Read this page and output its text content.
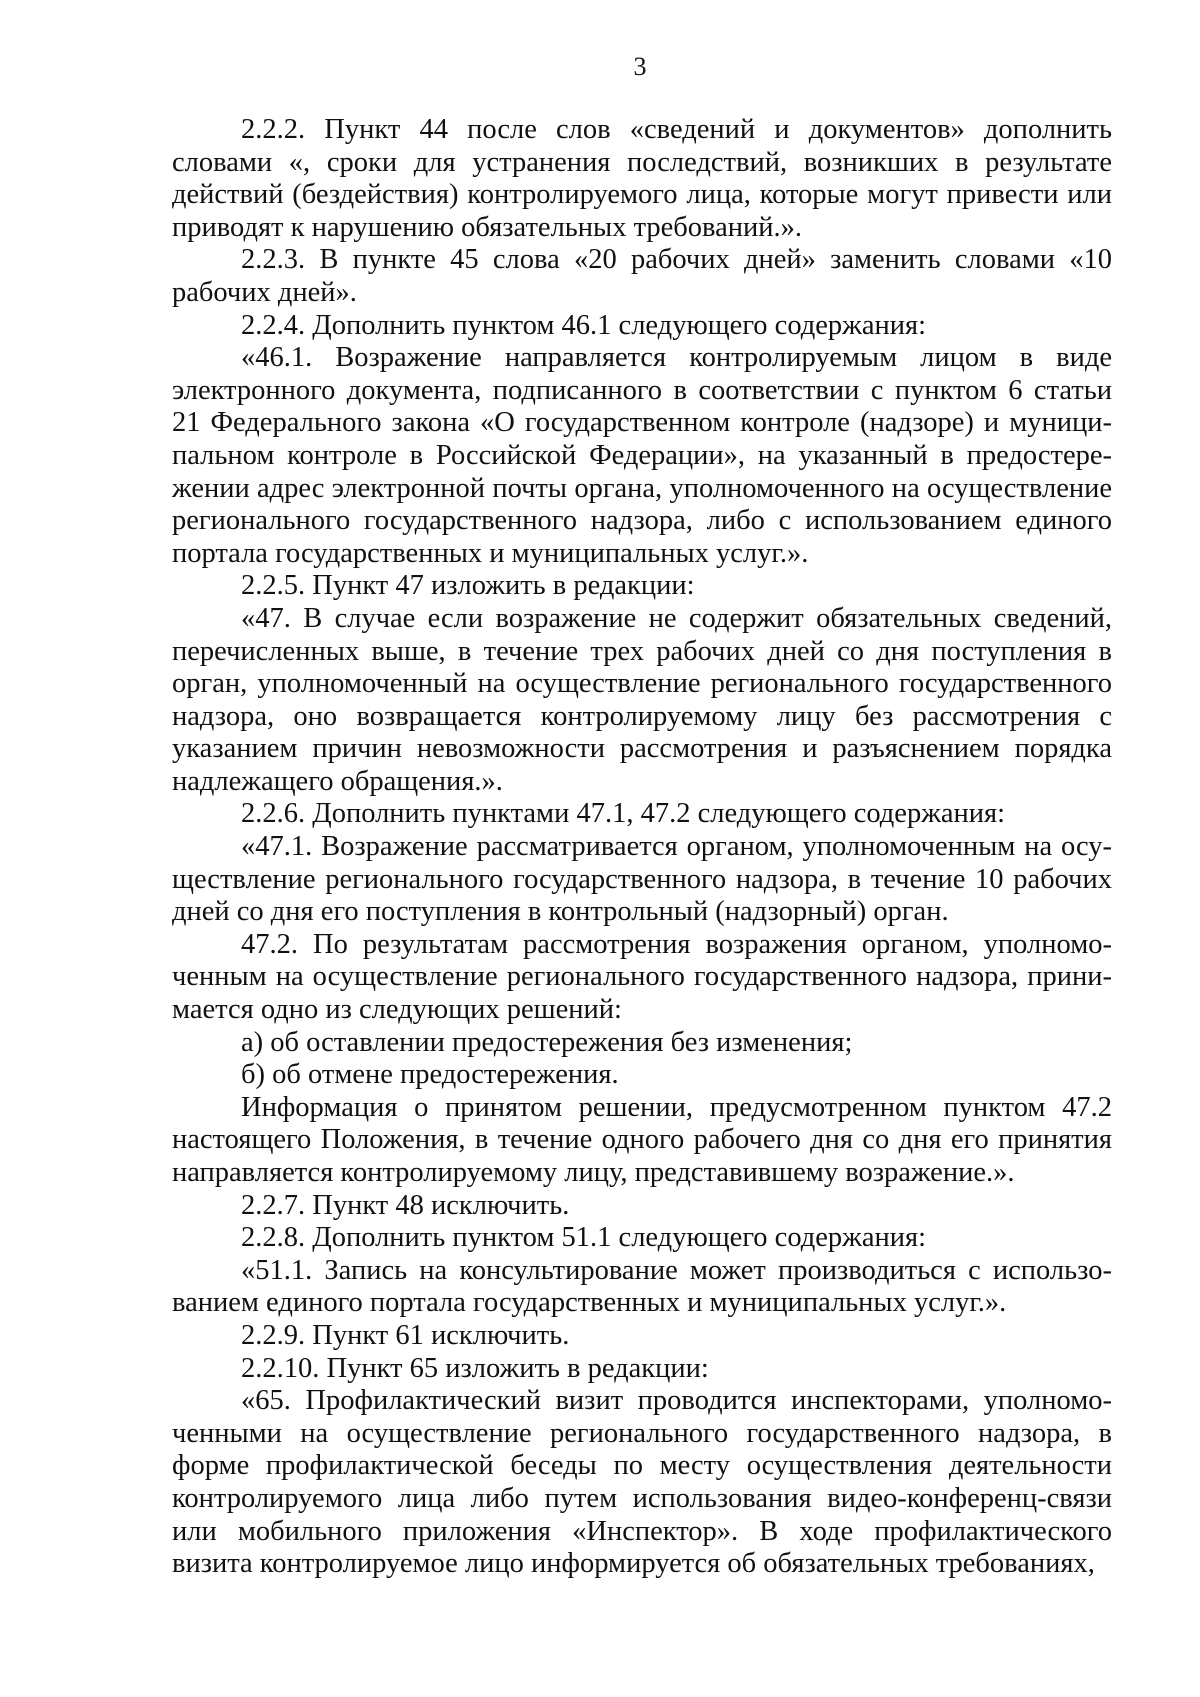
3

2.2.2. Пункт 44 после слов «сведений и документов» дополнить словами «, сроки для устранения последствий, возникших в результате действий (бездействия) контролируемого лица, которые могут привести или приводят к нарушению обязательных требований.».

2.2.3. В пункте 45 слова «20 рабочих дней» заменить словами «10 рабочих дней».

2.2.4. Дополнить пунктом 46.1 следующего содержания:

«46.1. Возражение направляется контролируемым лицом в виде электронного документа, подписанного в соответствии с пунктом 6 статьи 21 Федерального закона «О государственном контроле (надзоре) и муниципальном контроле в Российской Федерации», на указанный в предостережении адрес электронной почты органа, уполномоченного на осуществление регионального государственного надзора, либо с использованием единого портала государственных и муниципальных услуг.».

2.2.5. Пункт 47 изложить в редакции:

«47. В случае если возражение не содержит обязательных сведений, перечисленных выше, в течение трех рабочих дней со дня поступления в орган, уполномоченный на осуществление регионального государственного надзора, оно возвращается контролируемому лицу без рассмотрения с указанием причин невозможности рассмотрения и разъяснением порядка надлежащего обращения.».

2.2.6. Дополнить пунктами 47.1, 47.2 следующего содержания:

«47.1. Возражение рассматривается органом, уполномоченным на осуществление регионального государственного надзора, в течение 10 рабочих дней со дня его поступления в контрольный (надзорный) орган.

47.2. По результатам рассмотрения возражения органом, уполномоченным на осуществление регионального государственного надзора, принимается одно из следующих решений:

а) об оставлении предостережения без изменения;

б) об отмене предостережения.

Информация о принятом решении, предусмотренном пунктом 47.2 настоящего Положения, в течение одного рабочего дня со дня его принятия направляется контролируемому лицу, представившему возражение.».

2.2.7. Пункт 48 исключить.

2.2.8. Дополнить пунктом 51.1 следующего содержания:

«51.1. Запись на консультирование может производиться с использованием единого портала государственных и муниципальных услуг.».

2.2.9. Пункт 61 исключить.

2.2.10. Пункт 65 изложить в редакции:

«65. Профилактический визит проводится инспекторами, уполномоченными на осуществление регионального государственного надзора, в форме профилактической беседы по месту осуществления деятельности контролируемого лица либо путем использования видео-конференц-связи или мобильного приложения «Инспектор». В ходе профилактического визита контролируемое лицо информируется об обязательных требованиях,
